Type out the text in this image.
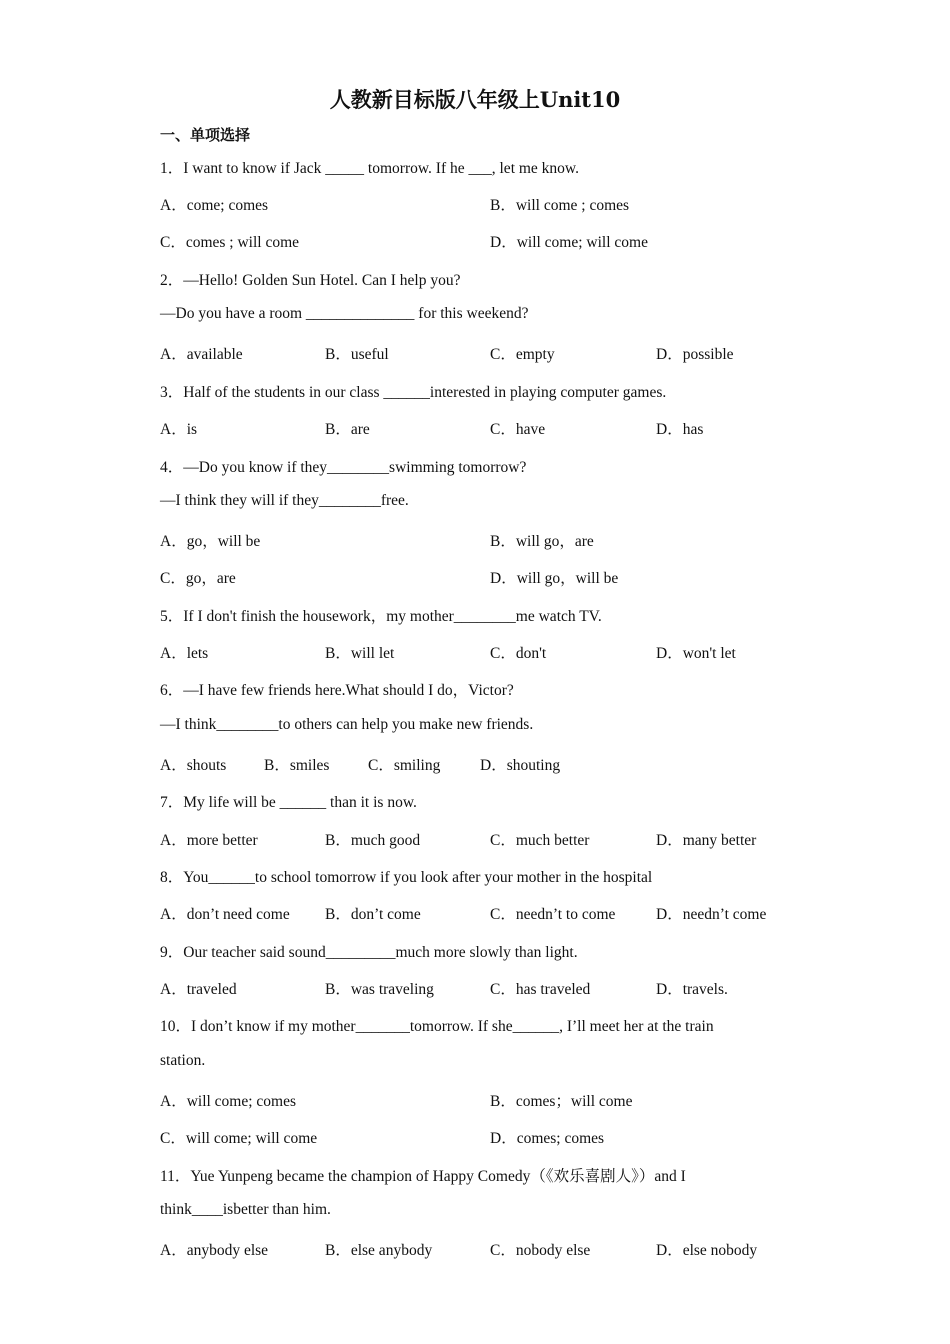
人教新目标版八年级上Unit10
一、单项选择
1．I want to know if Jack _____ tomorrow. If he ___, let me know.
A．come; comes	B．will come ; comes
C．comes ; will come	D．will come; will come
2．—Hello! Golden Sun Hotel. Can I help you?
—Do you have a room ______________ for this weekend?
A．available	B．useful	C．empty	D．possible
3．Half of the students in our class ______interested in playing computer games.
A．is	B．are	C．have	D．has
4．—Do you know if they________swimming tomorrow?
—I think they will if they________free.
A．go，will be	B．will go，are
C．go，are	D．will go，will be
5．If I don't finish the housework，my mother________me watch TV.
A．lets	B．will let	C．don't	D．won't let
6．—I have few friends here.What should I do，Victor?
—I think________to others can help you make new friends.
A．shouts B．smiles C．smiling	D．shouting
7．My life will be ______ than it is now.
A．more better	B．much good	C．much better	D．many better
8．You______to school tomorrow if you look after your mother in the hospital
A．don’t need come B．don’t come	C．needn’t to come	D．needn’t come
9．Our teacher said sound_________much more slowly than light.
A．traveled	B．was traveling	C．has traveled	D．travels.
10．I don’t know if my mother_______tomorrow. If she______, I’ll meet her at the train
station.
A．will come; comes	B．comes；will come
C．will come; will come	D．comes; comes
11．Yue Yunpeng became the champion of Happy Comedy（《欢乐喜剧人》）and I
think____isbetter than him.
A．anybody else	B．else anybody	C．nobody else	D．else nobody
